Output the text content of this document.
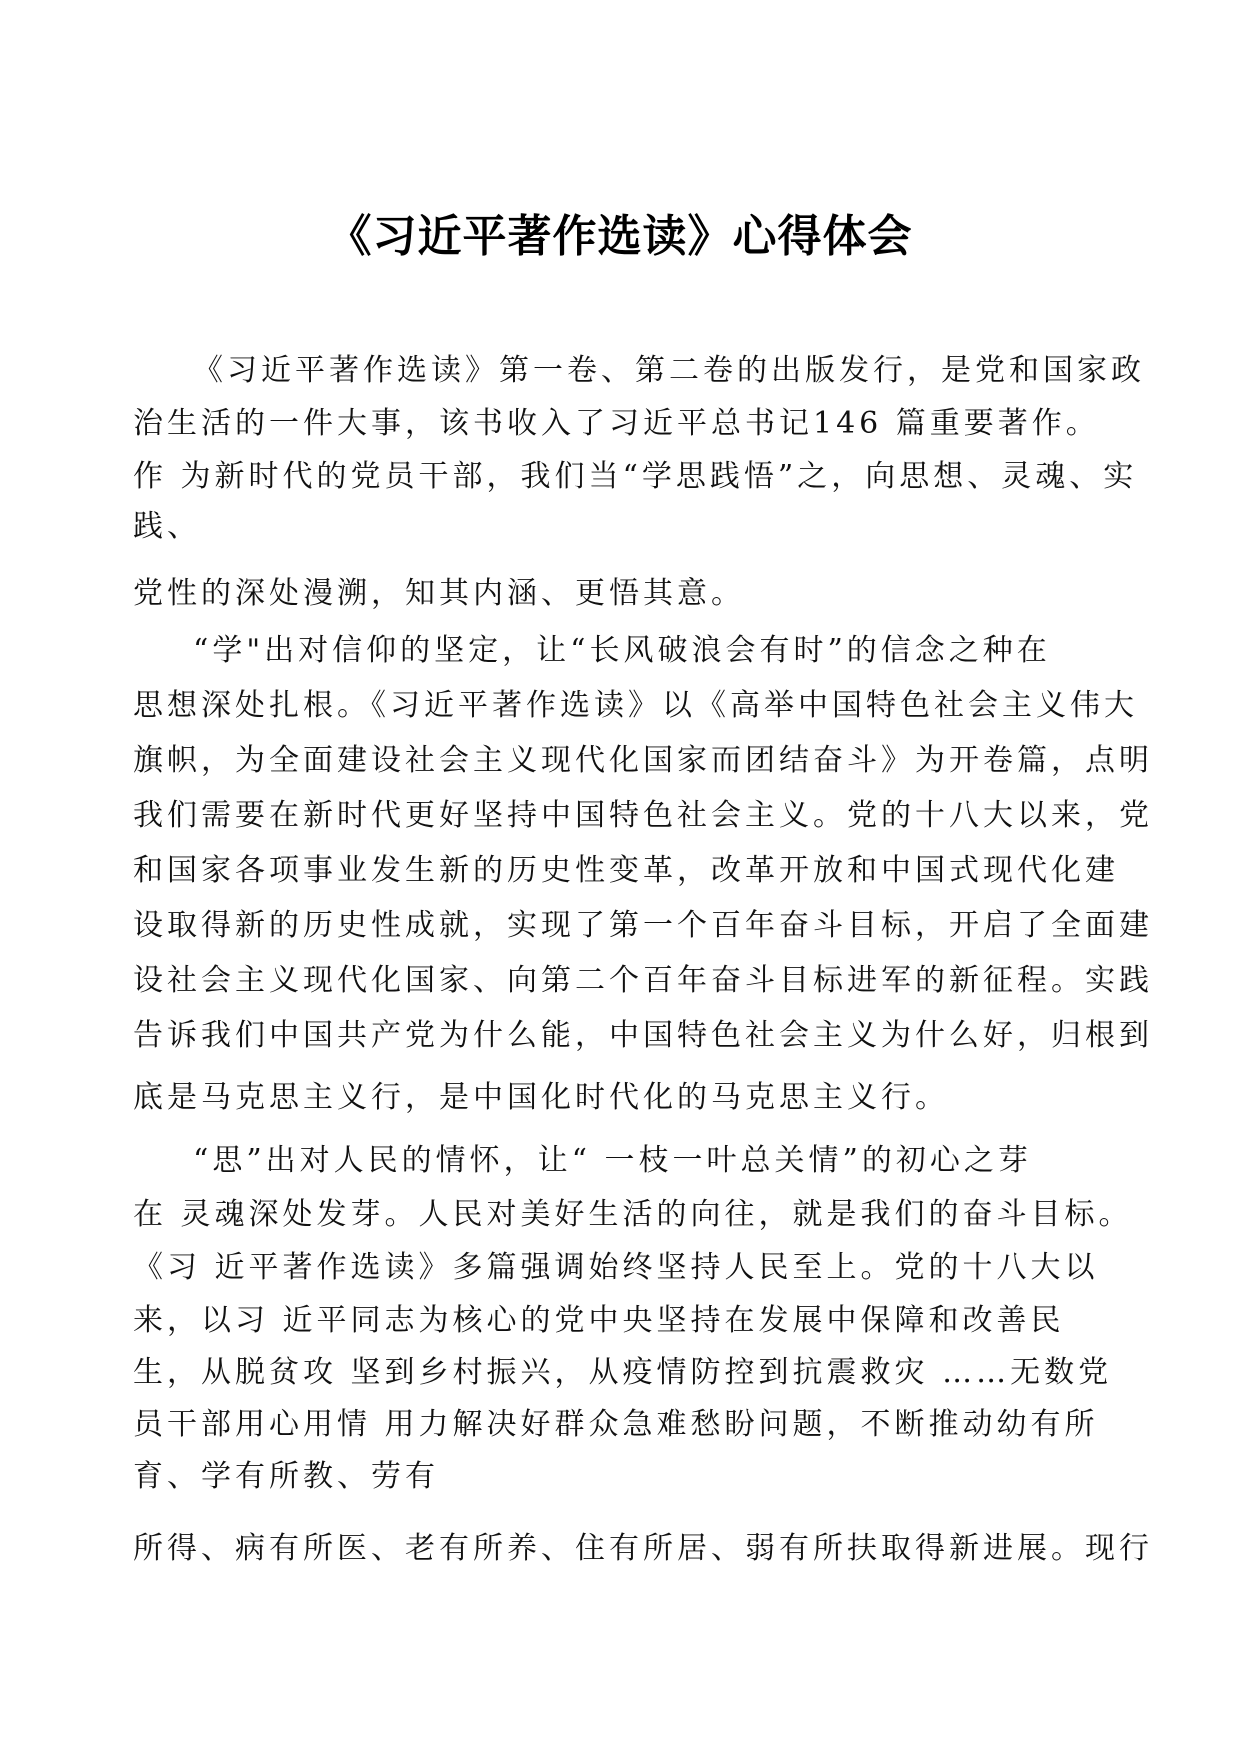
《习近平著作选读》心得体会

《习近平著作选读》第一卷、第二卷的出版发行，是党和国家政

治生活的一件大事，该书收入了习近平总书记146 篇重要著作。

作 为新时代的党员干部，我们当“学思践悟”之，向思想、灵魂、实

践、

党性的深处漫溯，知其内涵、更悟其意。

“学"出对信仰的坚定，让“长风破浪会有时”的信念之种在

思想深处扎根。《习近平著作选读》以《高举中国特色社会主义伟大

旗帜，为全面建设社会主义现代化国家而团结奋斗》为开卷篇，点明

我们需要在新时代更好坚持中国特色社会主义。党的十八大以来，党

和国家各项事业发生新的历史性变革，改革开放和中国式现代化建

设取得新的历史性成就，实现了第一个百年奋斗目标，开启了全面建

设社会主义现代化国家、向第二个百年奋斗目标进军的新征程。实践

告诉我们中国共产党为什么能，中国特色社会主义为什么好，归根到

底是马克思主义行，是中国化时代化的马克思主义行。

“思”出对人民的情怀，让“ 一枝一叶总关情”的初心之芽

在 灵魂深处发芽。人民对美好生活的向往，就是我们的奋斗目标。

《习 近平著作选读》多篇强调始终坚持人民至上。党的十八大以

来，以习 近平同志为核心的党中央坚持在发展中保障和改善民

生，从脱贫攻 坚到乡村振兴，从疫情防控到抗震救灾 ……无数党

员干部用心用情 用力解决好群众急难愁盼问题，不断推动幼有所

育、学有所教、劳有

所得、病有所医、老有所养、住有所居、弱有所扶取得新进展。现行
